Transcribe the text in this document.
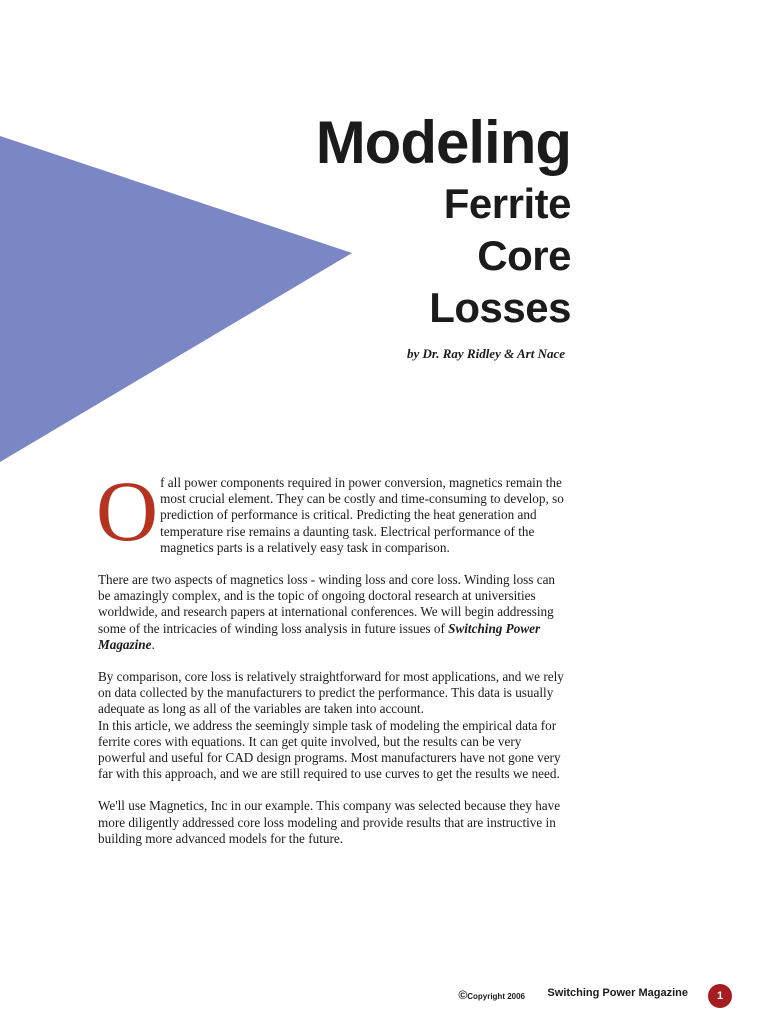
Modeling
Ferrite
Core
Losses
by Dr. Ray Ridley & Art Nace

Of all power components required in power conversion, magnetics remain the most crucial element. They can be costly and time-consuming to develop, so prediction of performance is critical. Predicting the heat generation and temperature rise remains a daunting task. Electrical performance of the magnetics parts is a relatively easy task in comparison.

There are two aspects of magnetics loss - winding loss and core loss. Winding loss can be amazingly complex, and is the topic of ongoing doctoral research at universities worldwide, and research papers at international conferences. We will begin addressing some of the intricacies of winding loss analysis in future issues of Switching Power Magazine.

By comparison, core loss is relatively straightforward for most applications, and we rely on data collected by the manufacturers to predict the performance. This data is usually adequate as long as all of the variables are taken into account.
In this article, we address the seemingly simple task of modeling the empirical data for ferrite cores with equations. It can get quite involved, but the results can be very powerful and useful for CAD design programs. Most manufacturers have not gone very far with this approach, and we are still required to use curves to get the results we need.

We'll use Magnetics, Inc in our example. This company was selected because they have more diligently addressed core loss modeling and provide results that are instructive in building more advanced models for the future.

©Copyright 2006 Switching Power Magazine	1
